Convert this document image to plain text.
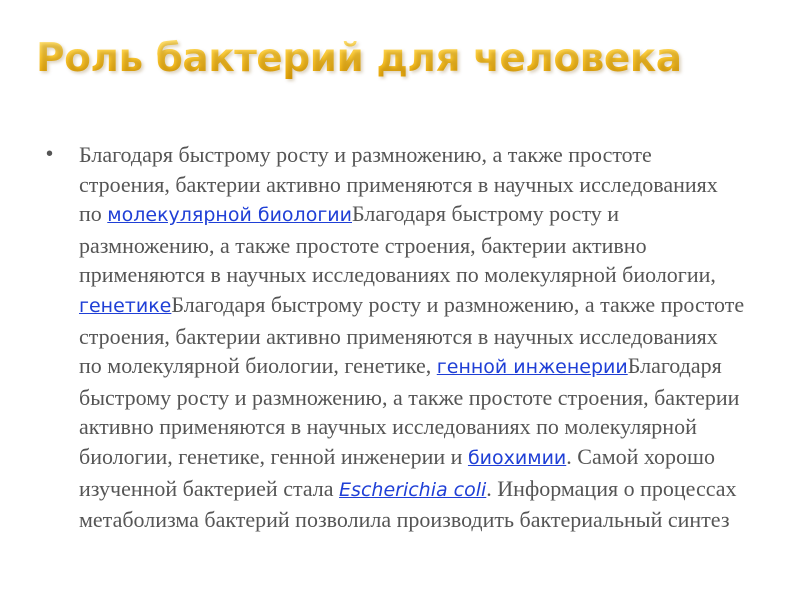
Роль бактерий для человека
• Благодаря быстрому росту и размножению, а также простоте строения, бактерии активно применяются в научных исследованиях по молекулярной биологииБлагодаря быстрому росту и размножению, а также простоте строения, бактерии активно применяются в научных исследованиях по молекулярной биологии, генетикеБлагодаря быстрому росту и размножению, а также простоте строения, бактерии активно применяются в научных исследованиях по молекулярной биологии, генетике, генной инженерииБлагодаря быстрому росту и размножению, а также простоте строения, бактерии активно применяются в научных исследованиях по молекулярной биологии, генетике, генной инженерии и биохимии. Самой хорошо изученной бактерией стала Escherichia coli. Информация о процессах метаболизма бактерий позволила производить бактериальный синтез
